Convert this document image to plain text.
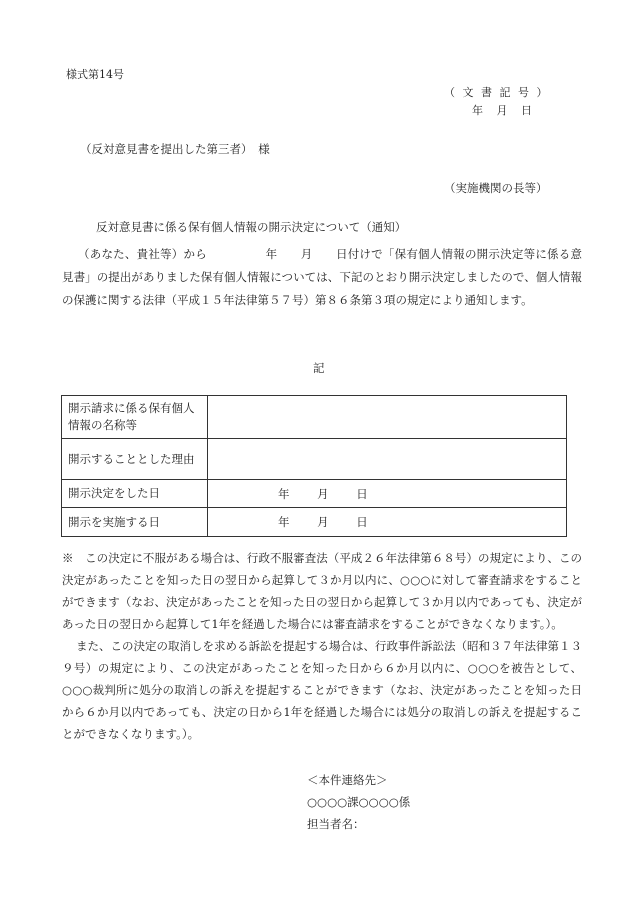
様式第14号
（ 文 書 記 号 ）
年 月 日
（反対意見書を提出した第三者）　様
（実施機関の長等）
反対意見書に係る保有個人情報の開示決定について（通知）
（あなた、貴社等）から　　　　　年　　月　　日付けで「保有個人情報の開示決定等に係る意見書」の提出がありました保有個人情報については、下記のとおり開示決定しましたので、個人情報の保護に関する法律（平成１５年法律第５７号）第８６条第３項の規定により通知します。
記
開示請求に係る保有個人情報の名称等	
開示することとした理由	
開示決定をした日	年 月 日
開示を実施する日	年 月 日

※　この決定に不服がある場合は、行政不服審査法（平成２６年法律第６８号）の規定により、この決定があったことを知った日の翌日から起算して３か月以内に、○○○に対して審査請求をすることができます（なお、決定があったことを知った日の翌日から起算して３か月以内であっても、決定があった日の翌日から起算して1年を経過した場合には審査請求をすることができなくなります。）。

また、この決定の取消しを求める訴訟を提起する場合は、行政事件訴訟法（昭和３７年法律第１３９号）の規定により、この決定があったことを知った日から６か月以内に、○○○を被告として、○○○裁判所に処分の取消しの訴えを提起することができます（なお、決定があったことを知った日から６か月以内であっても、決定の日から1年を経過した場合には処分の取消しの訴えを提起することができなくなります。）。

＜本件連絡先＞
○○○○課○○○○係
担当者名：
